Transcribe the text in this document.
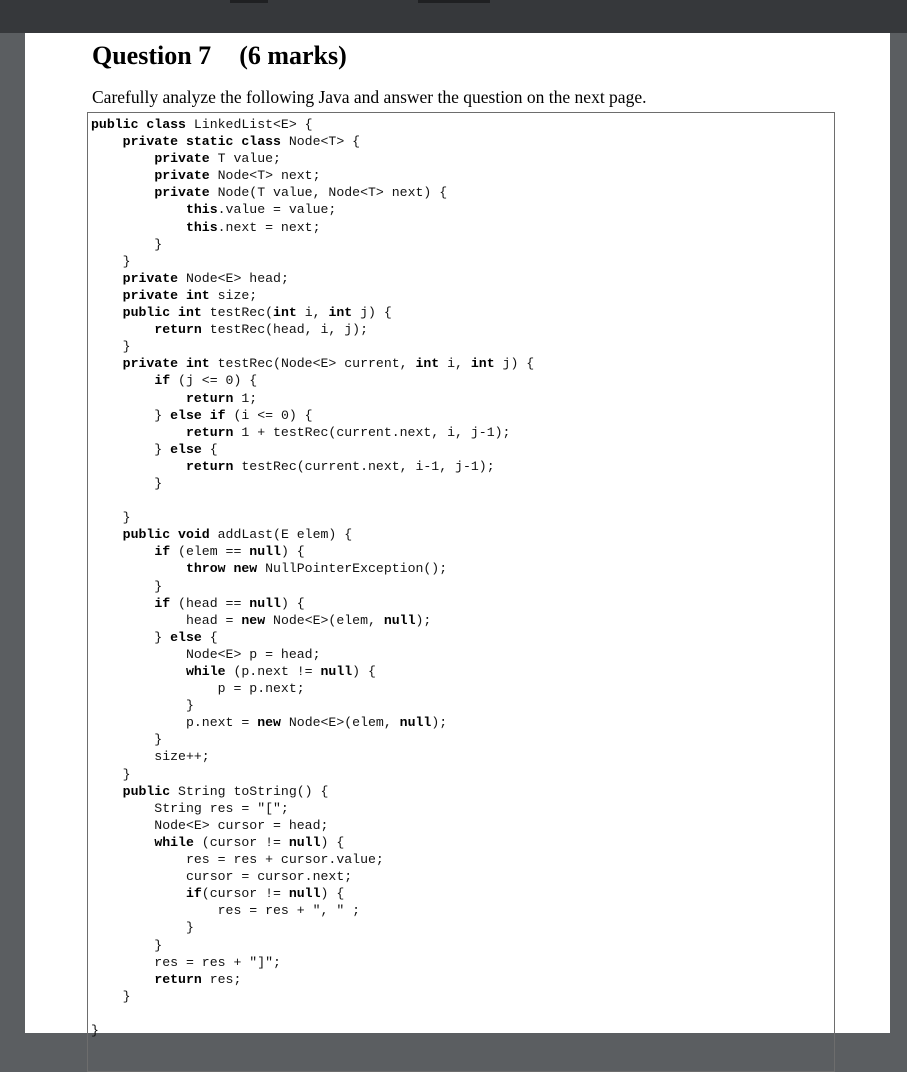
Question 7 (6 marks)
Carefully analyze the following Java and answer the question on the next page.
public class LinkedList<E> {
private static class Node<T> {
private T value;
private Node<T> next;
private Node(T value, Node<T> next) {
this.value = value;
this.next = next;
}
}
private Node<E> head;
private int size;
public int testRec(int i, int j) {
return testRec(head, i, j);
}
private int testRec(Node<E> current, int i, int j) {
if (j <= 0) {
return 1;
} else if (i <= 0) {
return 1 + testRec(current.next, i, j-1);
} else {
return testRec(current.next, i-1, j-1);
}

}
public void addLast(E elem) {
if (elem == null) {
throw new NullPointerException();
}
if (head == null) {
head = new Node<E>(elem, null);
} else {
Node<E> p = head;
while (p.next != null) {
p = p.next;
}
p.next = new Node<E>(elem, null);
}
size++;
}
public String toString() {
String res = "[";
Node<E> cursor = head;
while (cursor != null) {
res = res + cursor.value;
cursor = cursor.next;
if(cursor != null) {
res = res + ", " ;
}
}
res = res + "]";
return res;
}

}
